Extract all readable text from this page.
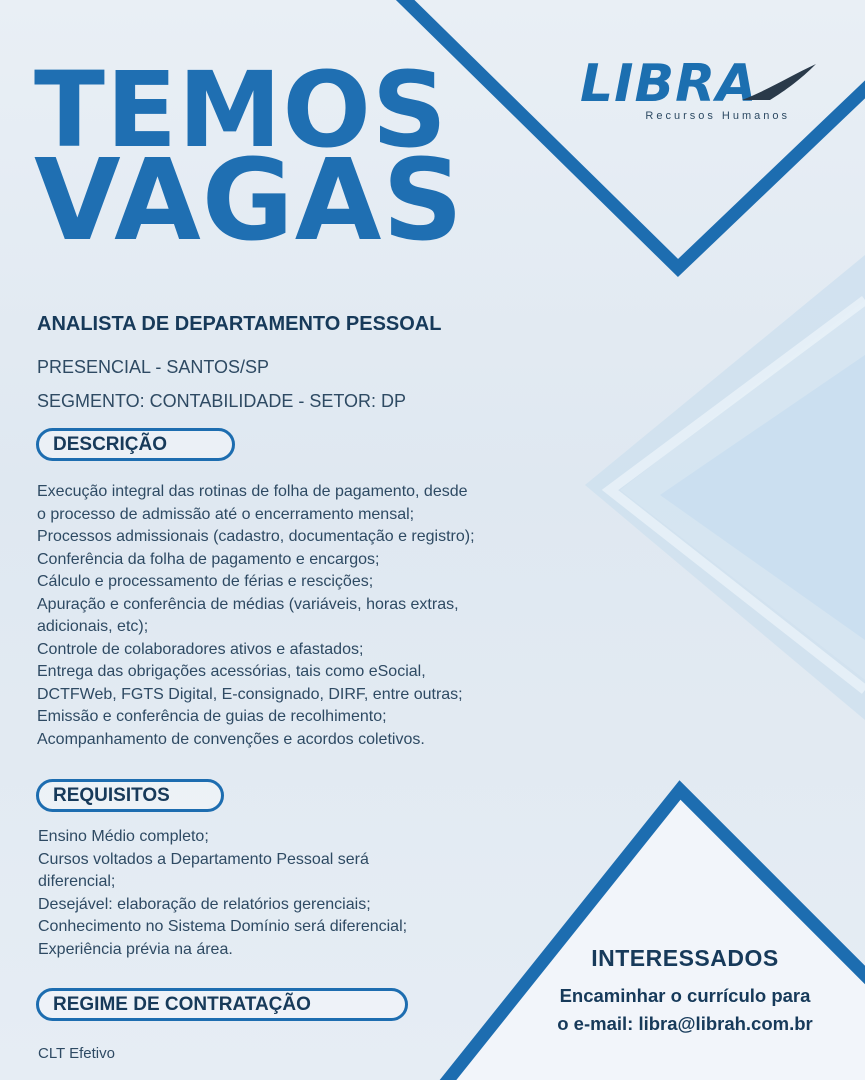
TEMOS
VAGAS
LIBRA
Recursos Humanos
ANALISTA DE DEPARTAMENTO PESSOAL
PRESENCIAL - SANTOS/SP
SEGMENTO: CONTABILIDADE - SETOR: DP
DESCRIÇÃO
Execução integral das rotinas de folha de pagamento, desde
o processo de admissão até o encerramento mensal;
Processos admissionais (cadastro, documentação e registro);
Conferência da folha de pagamento e encargos;
Cálculo e processamento de férias e rescições;
Apuração e conferência de médias (variáveis, horas extras,
adicionais, etc);
Controle de colaboradores ativos e afastados;
Entrega das obrigações acessórias, tais como eSocial,
DCTFWeb, FGTS Digital, E-consignado, DIRF, entre outras;
Emissão e conferência de guias de recolhimento;
Acompanhamento de convenções e acordos coletivos.
REQUISITOS
Ensino Médio completo;
Cursos voltados a Departamento Pessoal será
diferencial;
Desejável: elaboração de relatórios gerenciais;
Conhecimento no Sistema Domínio será diferencial;
Experiência prévia na área.
REGIME DE CONTRATAÇÃO
CLT Efetivo
INTERESSADOS
Encaminhar o currículo para
o e-mail: libra@librah.com.br
